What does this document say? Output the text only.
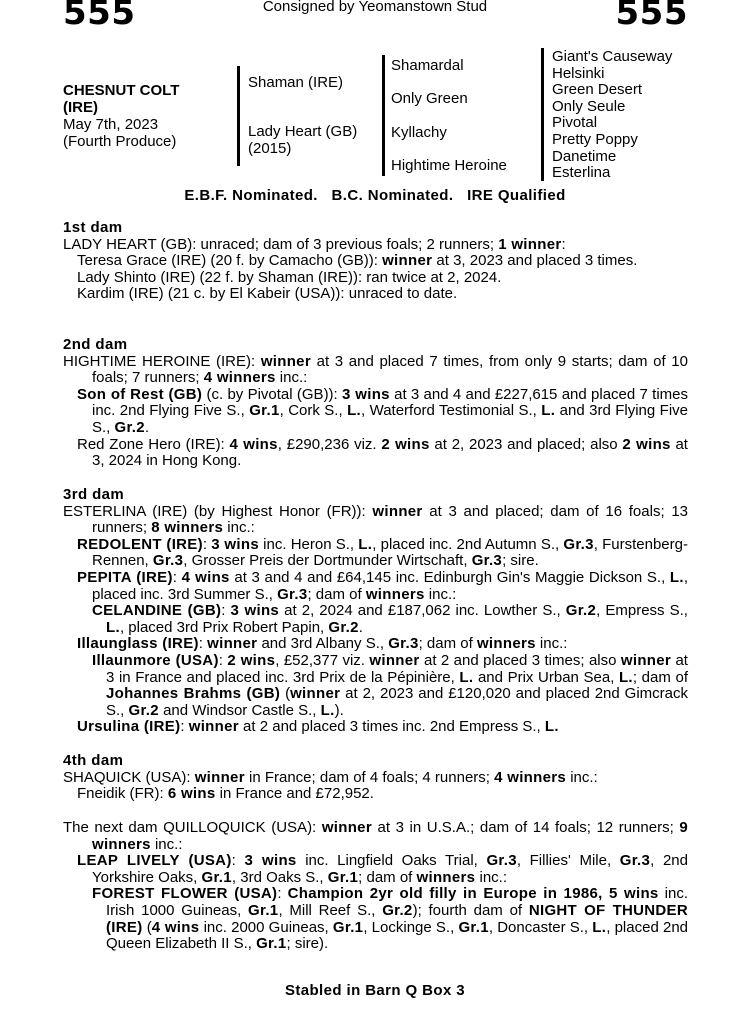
555	Consigned by Yeomanstown Stud	555
CHESNUT COLT
(IRE)
May 7th, 2023
(Fourth Produce)
Shaman (IRE)
Lady Heart (GB)
(2015)
Shamardal
Only Green
Kyllachy
Hightime Heroine
Giant's Causeway
Helsinki
Green Desert
Only Seule
Pivotal
Pretty Poppy
Danetime
Esterlina
E.B.F. Nominated.   B.C. Nominated.   IRE Qualified

1st dam

LADY HEART (GB): unraced; dam of 3 previous foals; 2 runners; 1 winner:

Teresa Grace (IRE) (20 f. by Camacho (GB)): winner at 3, 2023 and placed 3 times.

Lady Shinto (IRE) (22 f. by Shaman (IRE)): ran twice at 2, 2024.

Kardim (IRE) (21 c. by El Kabeir (USA)): unraced to date.

2nd dam

HIGHTIME HEROINE (IRE): winner at 3 and placed 7 times, from only 9 starts; dam of 10 foals; 7 runners; 4 winners inc.:

Son of Rest (GB) (c. by Pivotal (GB)): 3 wins at 3 and 4 and £227,615 and placed 7 times inc. 2nd Flying Five S., Gr.1, Cork S., L., Waterford Testimonial S., L. and 3rd Flying Five S., Gr.2.

Red Zone Hero (IRE): 4 wins, £290,236 viz. 2 wins at 2, 2023 and placed; also 2 wins at 3, 2024 in Hong Kong.

3rd dam

ESTERLINA (IRE) (by Highest Honor (FR)): winner at 3 and placed; dam of 16 foals; 13 runners; 8 winners inc.:

REDOLENT (IRE): 3 wins inc. Heron S., L., placed inc. 2nd Autumn S., Gr.3, Furstenberg-Rennen, Gr.3, Grosser Preis der Dortmunder Wirtschaft, Gr.3; sire.

PEPITA (IRE): 4 wins at 3 and 4 and £64,145 inc. Edinburgh Gin's Maggie Dickson S., L., placed inc. 3rd Summer S., Gr.3; dam of winners inc.:

CELANDINE (GB): 3 wins at 2, 2024 and £187,062 inc. Lowther S., Gr.2, Empress S., L., placed 3rd Prix Robert Papin, Gr.2.

Illaunglass (IRE): winner and 3rd Albany S., Gr.3; dam of winners inc.:

Illaunmore (USA): 2 wins, £52,377 viz. winner at 2 and placed 3 times; also winner at 3 in France and placed inc. 3rd Prix de la Pépinière, L. and Prix Urban Sea, L.; dam of Johannes Brahms (GB) (winner at 2, 2023 and £120,020 and placed 2nd Gimcrack S., Gr.2 and Windsor Castle S., L.).

Ursulina (IRE): winner at 2 and placed 3 times inc. 2nd Empress S., L.

4th dam

SHAQUICK (USA): winner in France; dam of 4 foals; 4 runners; 4 winners inc.:

Fneidik (FR): 6 wins in France and £72,952.

The next dam QUILLOQUICK (USA): winner at 3 in U.S.A.; dam of 14 foals; 12 runners; 9 winners inc.:

LEAP LIVELY (USA): 3 wins inc. Lingfield Oaks Trial, Gr.3, Fillies' Mile, Gr.3, 2nd Yorkshire Oaks, Gr.1, 3rd Oaks S., Gr.1; dam of winners inc.:

FOREST FLOWER (USA): Champion 2yr old filly in Europe in 1986, 5 wins inc. Irish 1000 Guineas, Gr.1, Mill Reef S., Gr.2); fourth dam of NIGHT OF THUNDER (IRE) (4 wins inc. 2000 Guineas, Gr.1, Lockinge S., Gr.1, Doncaster S., L., placed 2nd Queen Elizabeth II S., Gr.1; sire).

Stabled in Barn Q Box 3
